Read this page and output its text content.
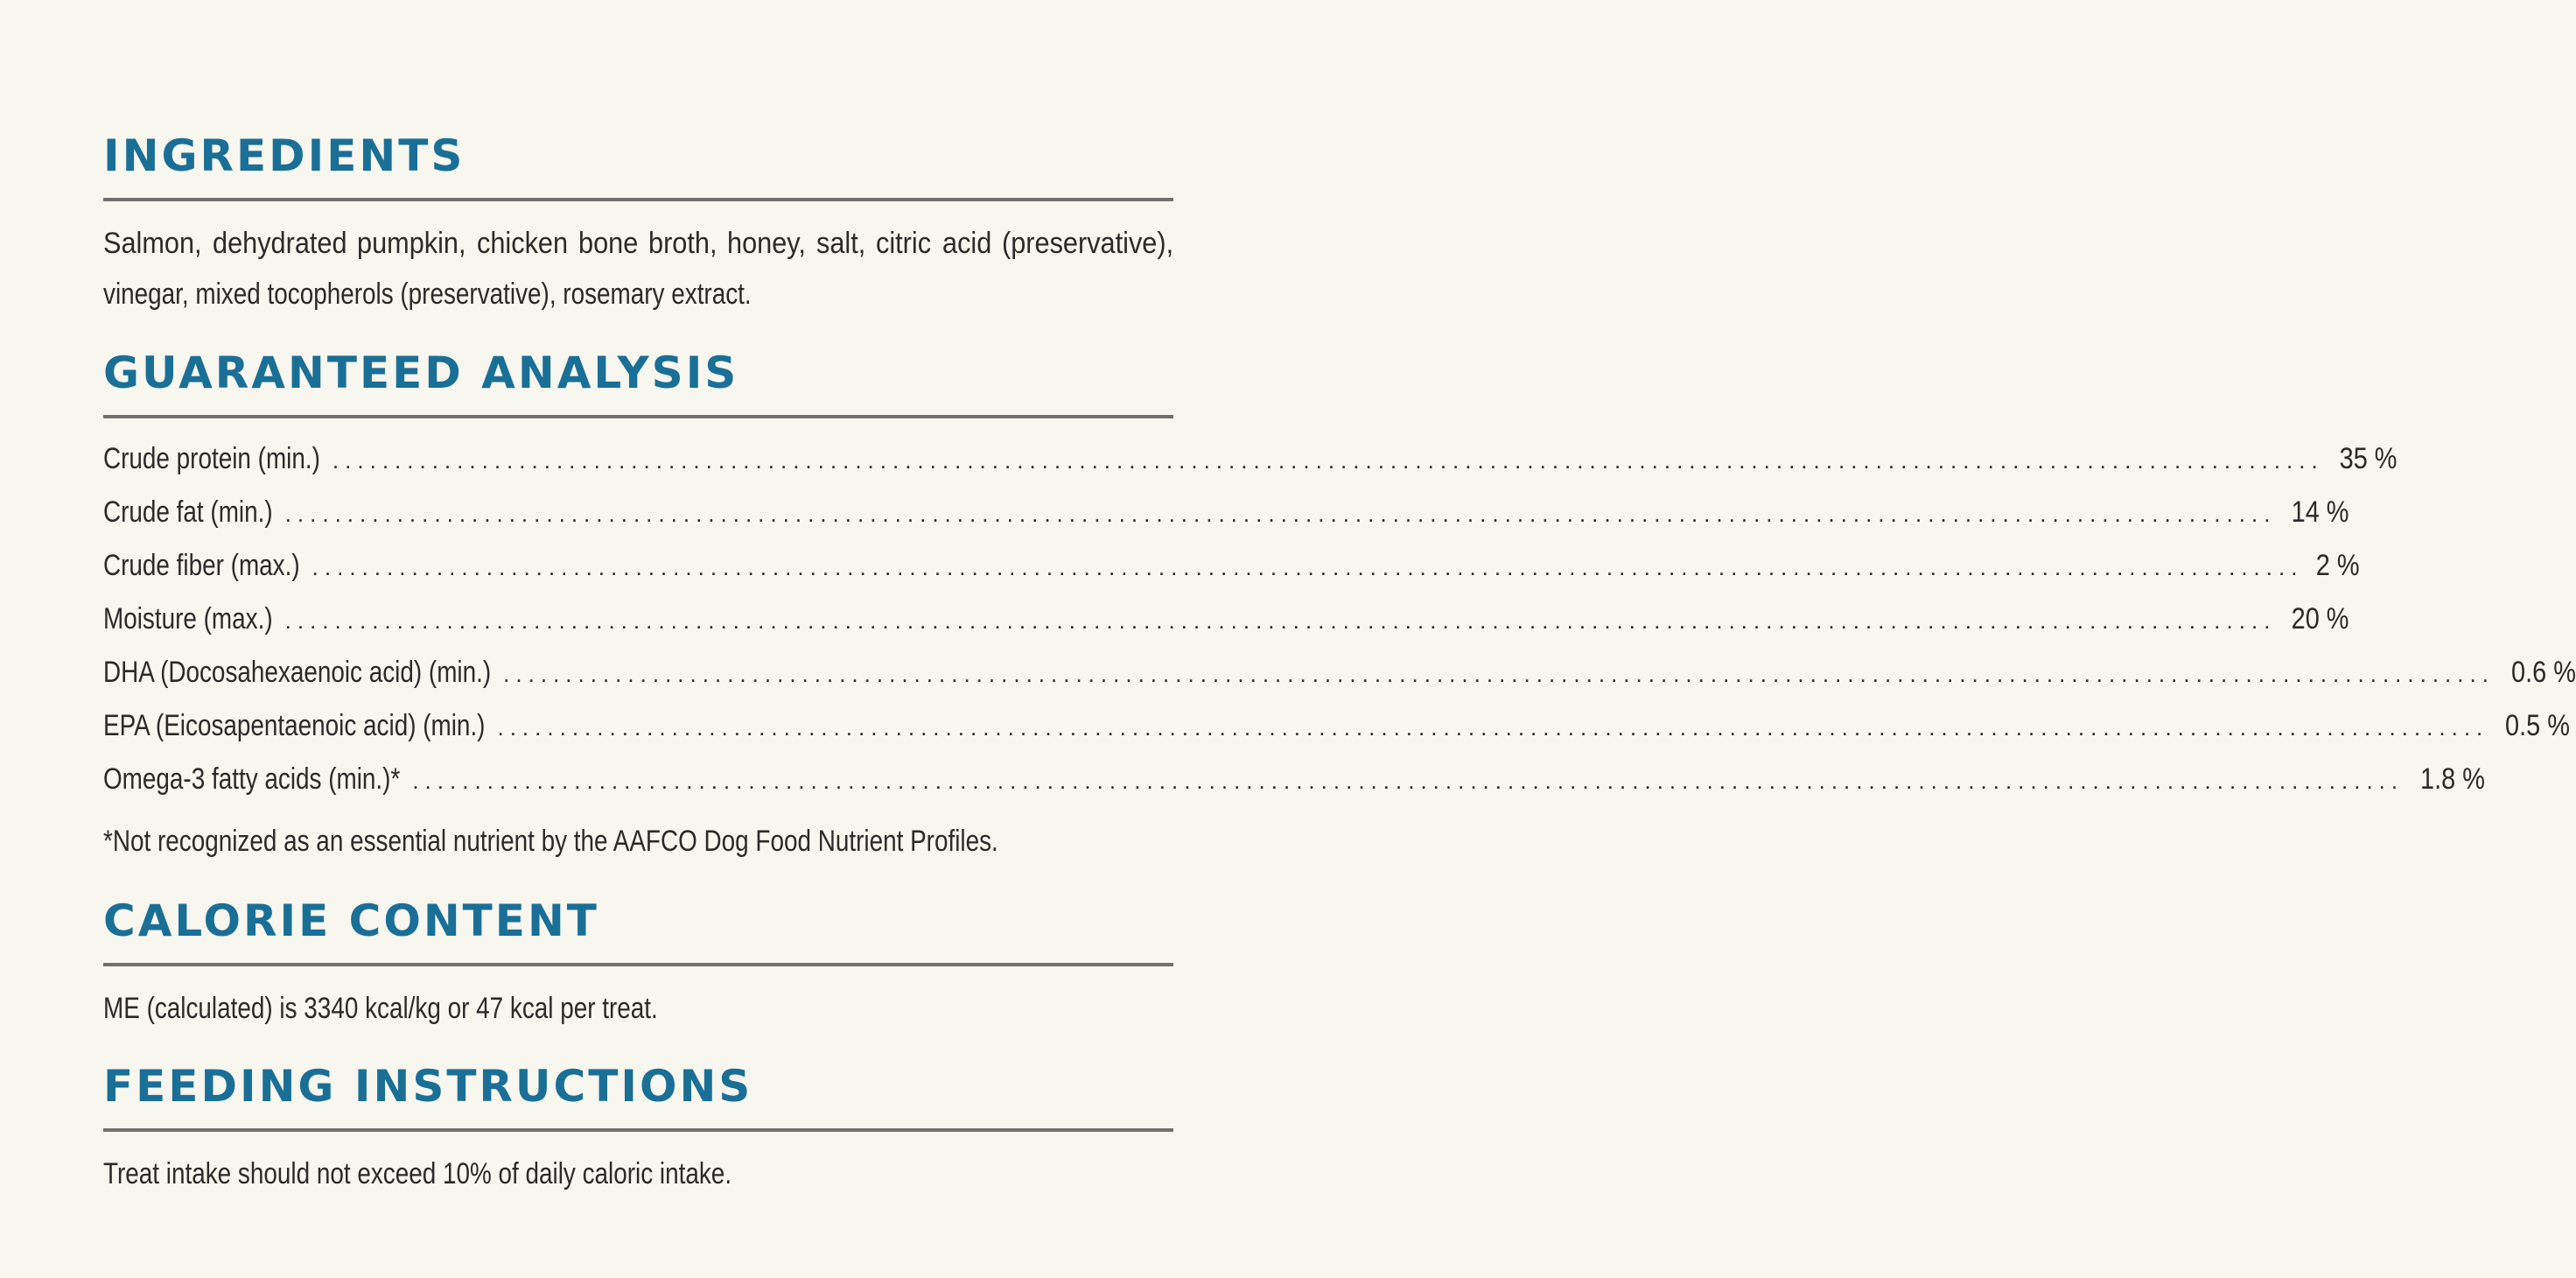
INGREDIENTS
Salmon, dehydrated pumpkin, chicken bone broth, honey, salt, citric acid (preservative),
vinegar, mixed tocopherols (preservative), rosemary extract.
GUARANTEED ANALYSIS
Crude protein (min.) ................................................................................................................................................................ 35 %
Crude fat (min.) ................................................................................................................................................................ 14 %
Crude fiber (max.) ................................................................................................................................................................ 2 %
Moisture (max.) ................................................................................................................................................................ 20 %
DHA (Docosahexaenoic acid) (min.) ................................................................................................................................................................ 0.6 %
EPA (Eicosapentaenoic acid) (min.) ................................................................................................................................................................ 0.5 %
Omega-3 fatty acids (min.)* ................................................................................................................................................................ 1.8 %

*Not recognized as an essential nutrient by the AAFCO Dog Food Nutrient Profiles.

CALORIE CONTENT

ME (calculated) is 3340 kcal/kg or 47 kcal per treat.

FEEDING INSTRUCTIONS

Treat intake should not exceed 10% of daily caloric intake.
